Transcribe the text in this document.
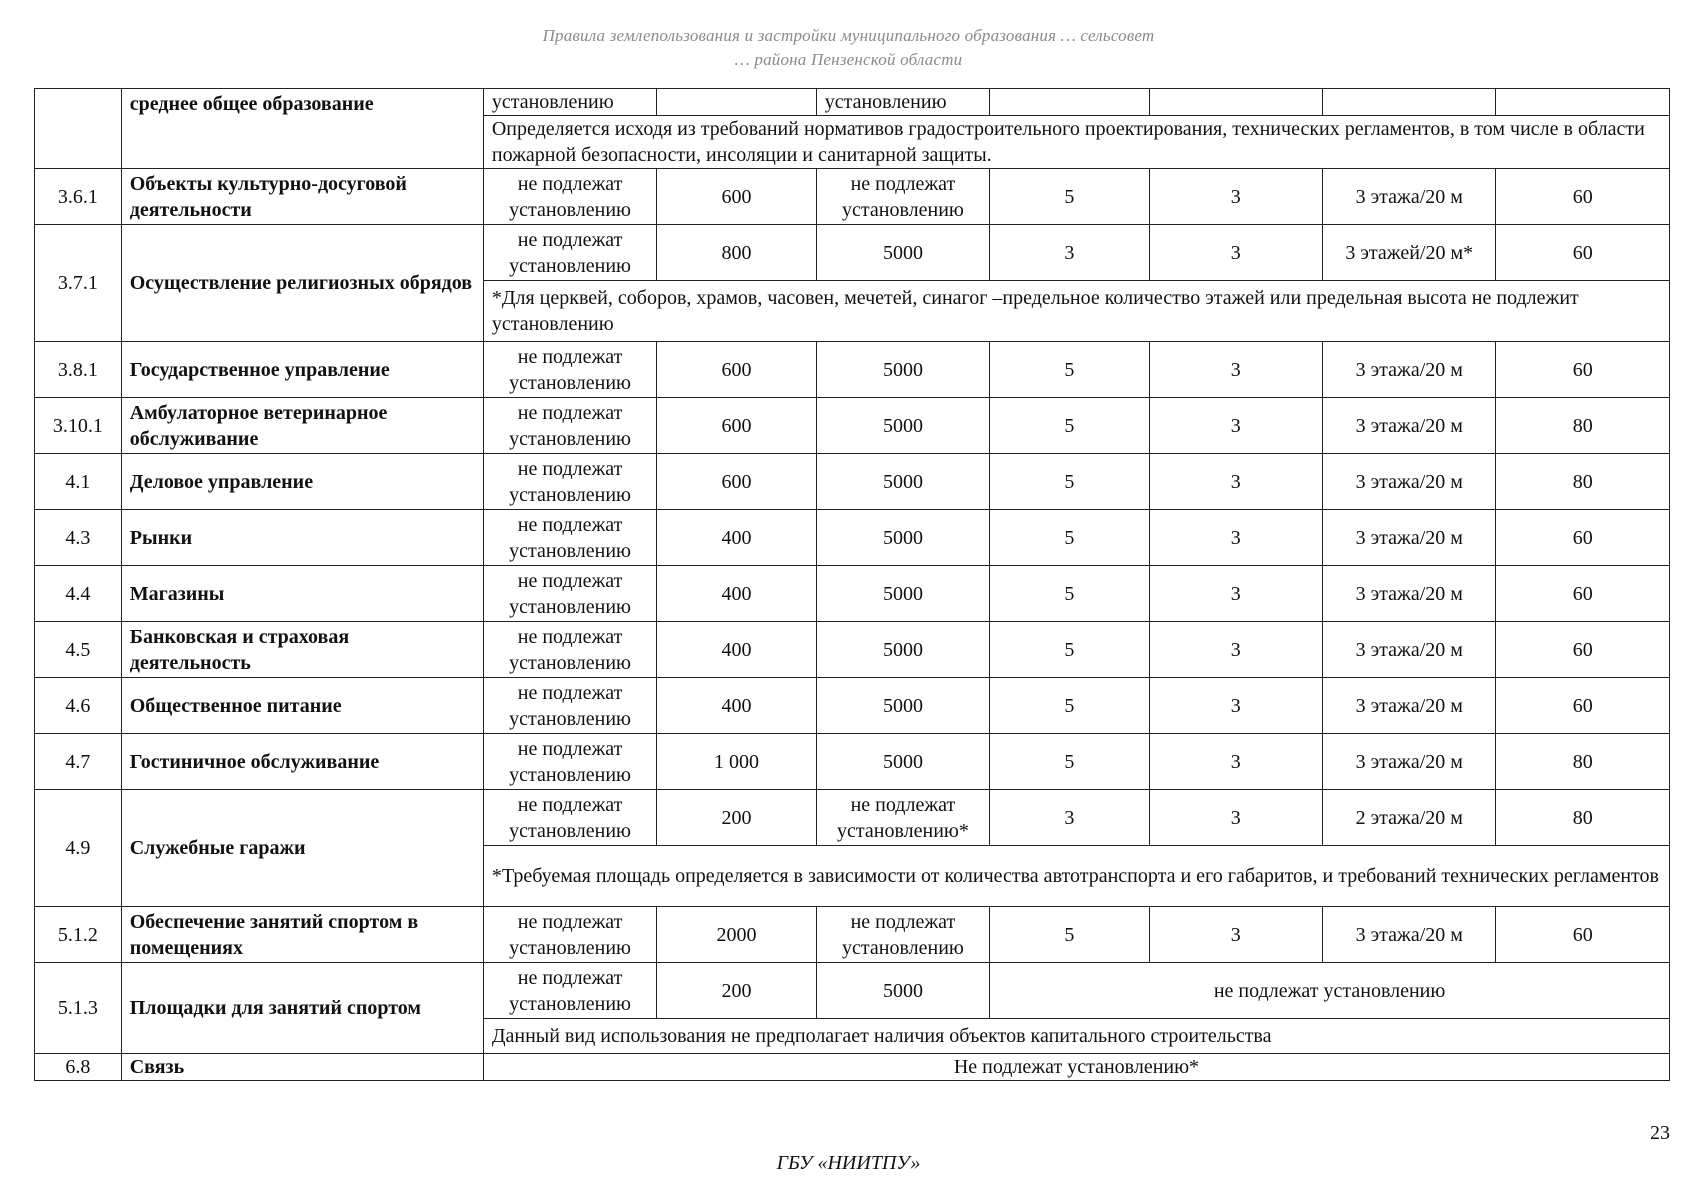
Правила землепользования и застройки муниципального образования … сельсовет
… района Пензенской области
	среднее общее образование	установлению		установлению				
		Определяется исходя из требований нормативов градостроительного проектирования, технических регламентов, в том числе в области пожарной безопасности, инсоляции и санитарной защиты.						
3.6.1	Объекты культурно-досуговой деятельности	не подлежат установлению	600	не подлежат установлению	5	3	3 этажа/20 м	60
3.7.1	Осуществление религиозных обрядов	не подлежат установлению	800	5000	3	3	3 этажей/20 м*	60
		*Для церквей, соборов, храмов, часовен, мечетей, синагог –предельное количество этажей или предельная высота не подлежит установлению						
3.8.1	Государственное управление	не подлежат установлению	600	5000	5	3	3 этажа/20 м	60
3.10.1	Амбулаторное ветеринарное обслуживание	не подлежат установлению	600	5000	5	3	3 этажа/20 м	80
4.1	Деловое управление	не подлежат установлению	600	5000	5	3	3 этажа/20 м	80
4.3	Рынки	не подлежат установлению	400	5000	5	3	3 этажа/20 м	60
4.4	Магазины	не подлежат установлению	400	5000	5	3	3 этажа/20 м	60
4.5	Банковская и страховая деятельность	не подлежат установлению	400	5000	5	3	3 этажа/20 м	60
4.6	Общественное питание	не подлежат установлению	400	5000	5	3	3 этажа/20 м	60
4.7	Гостиничное обслуживание	не подлежат установлению	1 000	5000	5	3	3 этажа/20 м	80
4.9	Служебные гаражи	не подлежат установлению	200	не подлежат установлению*	3	3	2 этажа/20 м	80
		*Требуемая площадь определяется в зависимости от количества автотранспорта и его габаритов, и требований технических регламентов						
5.1.2	Обеспечение занятий спортом в помещениях	не подлежат установлению	2000	не подлежат установлению	5	3	3 этажа/20 м	60
5.1.3	Площадки для занятий спортом	не подлежат установлению	200	5000	не подлежат установлению			
		Данный вид использования не предполагает наличия объектов капитального строительства						
6.8	Связь	Не подлежат установлению*						
23
ГБУ «НИИТПУ»
